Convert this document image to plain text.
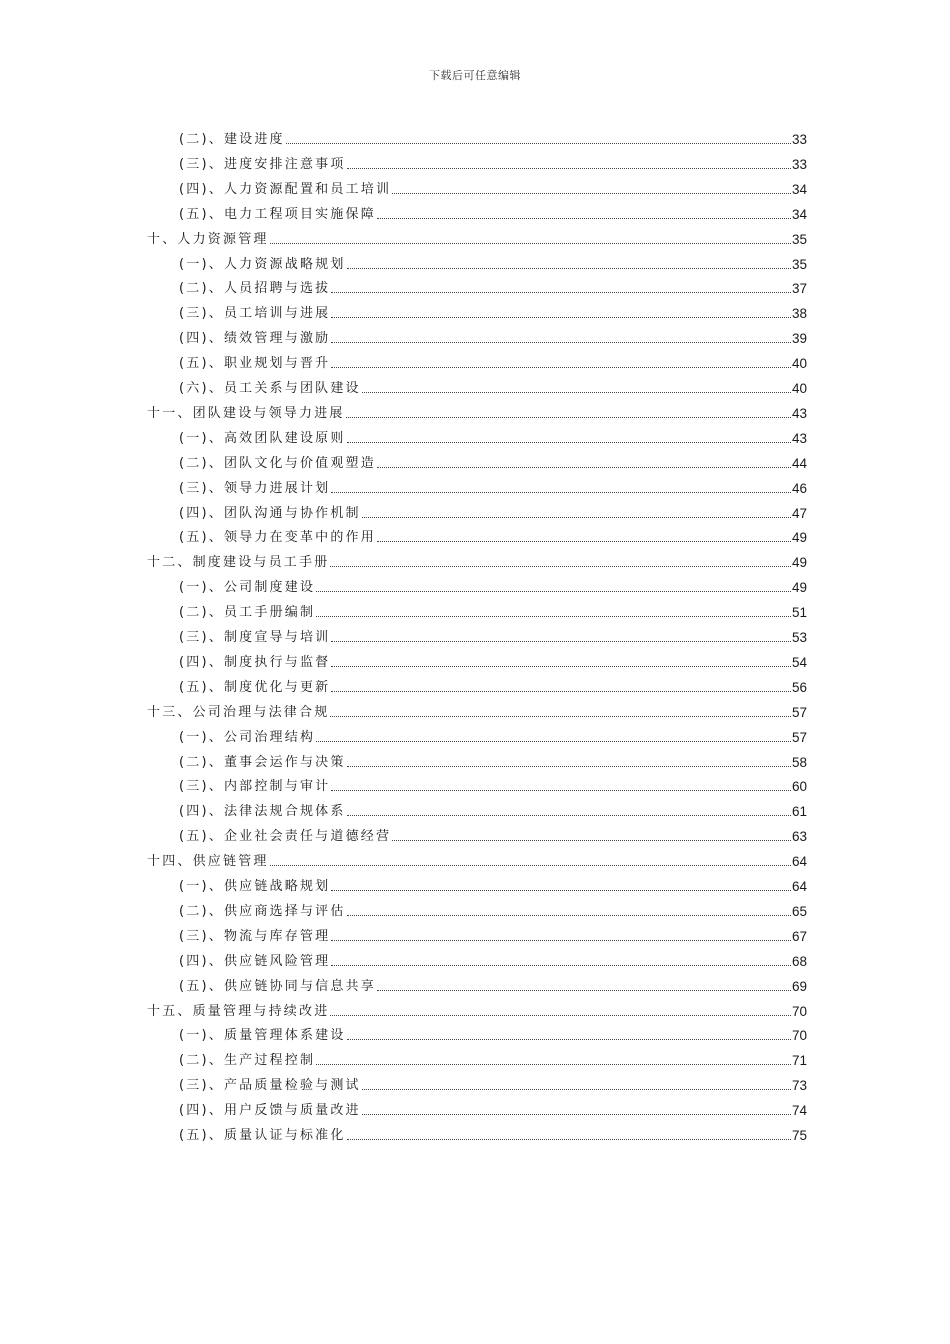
下载后可任意编辑
(二)、建设进度	33
(三)、进度安排注意事项	33
(四)、人力资源配置和员工培训	34
(五)、电力工程项目实施保障	34
十、人力资源管理	35
(一)、人力资源战略规划	35
(二)、人员招聘与选拔	37
(三)、员工培训与进展	38
(四)、绩效管理与激励	39
(五)、职业规划与晋升	40
(六)、员工关系与团队建设	40
十一、团队建设与领导力进展	43
(一)、高效团队建设原则	43
(二)、团队文化与价值观塑造	44
(三)、领导力进展计划	46
(四)、团队沟通与协作机制	47
(五)、领导力在变革中的作用	49
十二、制度建设与员工手册	49
(一)、公司制度建设	49
(二)、员工手册编制	51
(三)、制度宣导与培训	53
(四)、制度执行与监督	54
(五)、制度优化与更新	56
十三、公司治理与法律合规	57
(一)、公司治理结构	57
(二)、董事会运作与决策	58
(三)、内部控制与审计	60
(四)、法律法规合规体系	61
(五)、企业社会责任与道德经营	63
十四、供应链管理	64
(一)、供应链战略规划	64
(二)、供应商选择与评估	65
(三)、物流与库存管理	67
(四)、供应链风险管理	68
(五)、供应链协同与信息共享	69
十五、质量管理与持续改进	70
(一)、质量管理体系建设	70
(二)、生产过程控制	71
(三)、产品质量检验与测试	73
(四)、用户反馈与质量改进	74
(五)、质量认证与标准化	75
